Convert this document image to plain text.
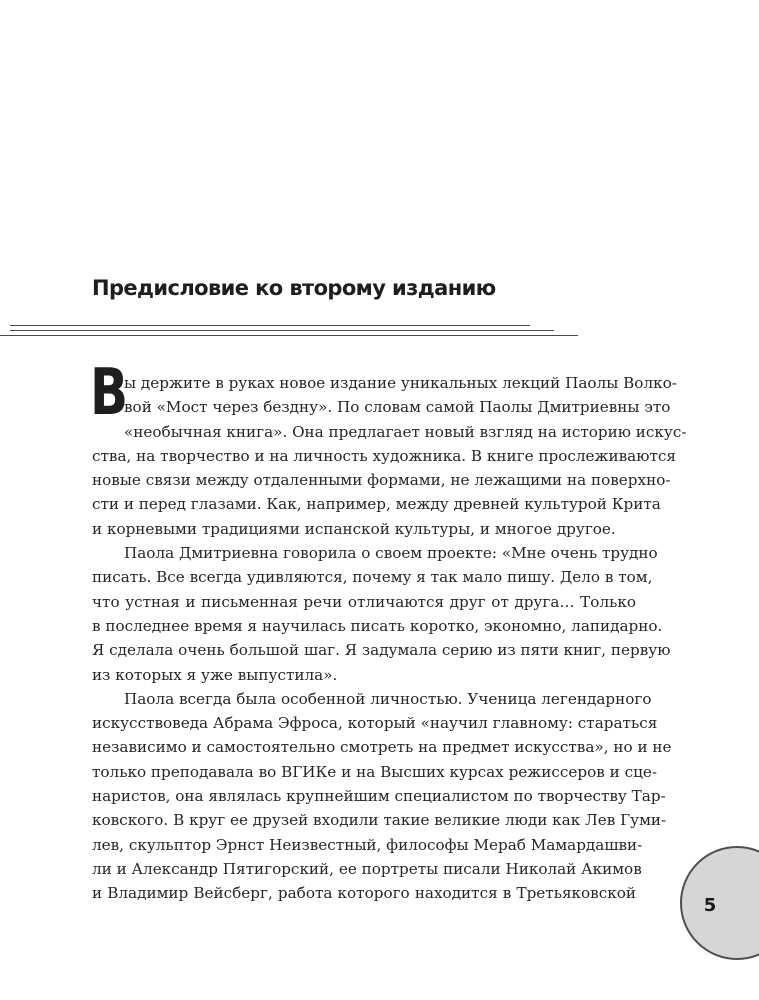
Предисловие ко второму изданию
В
ы держите в руках новое издание уникальных лекций Паолы Волко-
вой «Мост через бездну». По словам самой Паолы Дмитриевны это
«необычная книга». Она предлагает новый взгляд на историю искус-
ства, на творчество и на личность художника. В книге прослеживаются
новые связи между отдаленными формами, не лежащими на поверхно-
сти и перед глазами. Как, например, между древней культурой Крита
и корневыми традициями испанской культуры, и многое другое.
Паола Дмитриевна говорила о своем проекте: «Мне очень трудно
писать. Все всегда удивляются, почему я так мало пишу. Дело в том,
что устная и письменная речи отличаются друг от друга… Только
в последнее время я научилась писать коротко, экономно, лапидарно.
Я сделала очень большой шаг. Я задумала серию из пяти книг, первую
из которых я уже выпустила».
Паола всегда была особенной личностью. Ученица легендарного
искусствоведа Абрама Эфроса, который «научил главному: стараться
независимо и самостоятельно смотреть на предмет искусства», но и не
только преподавала во ВГИКе и на Высших курсах режиссеров и сце-
наристов, она являлась крупнейшим специалистом по творчеству Тар-
ковского. В круг ее друзей входили такие великие люди как Лев Гуми-
лев, скульптор Эрнст Неизвестный, философы Мераб Мамардашви-
ли и Александр Пятигорский, ее портреты писали Николай Акимов
и Владимир Вейсберг, работа которого находится в Третьяковской
5
